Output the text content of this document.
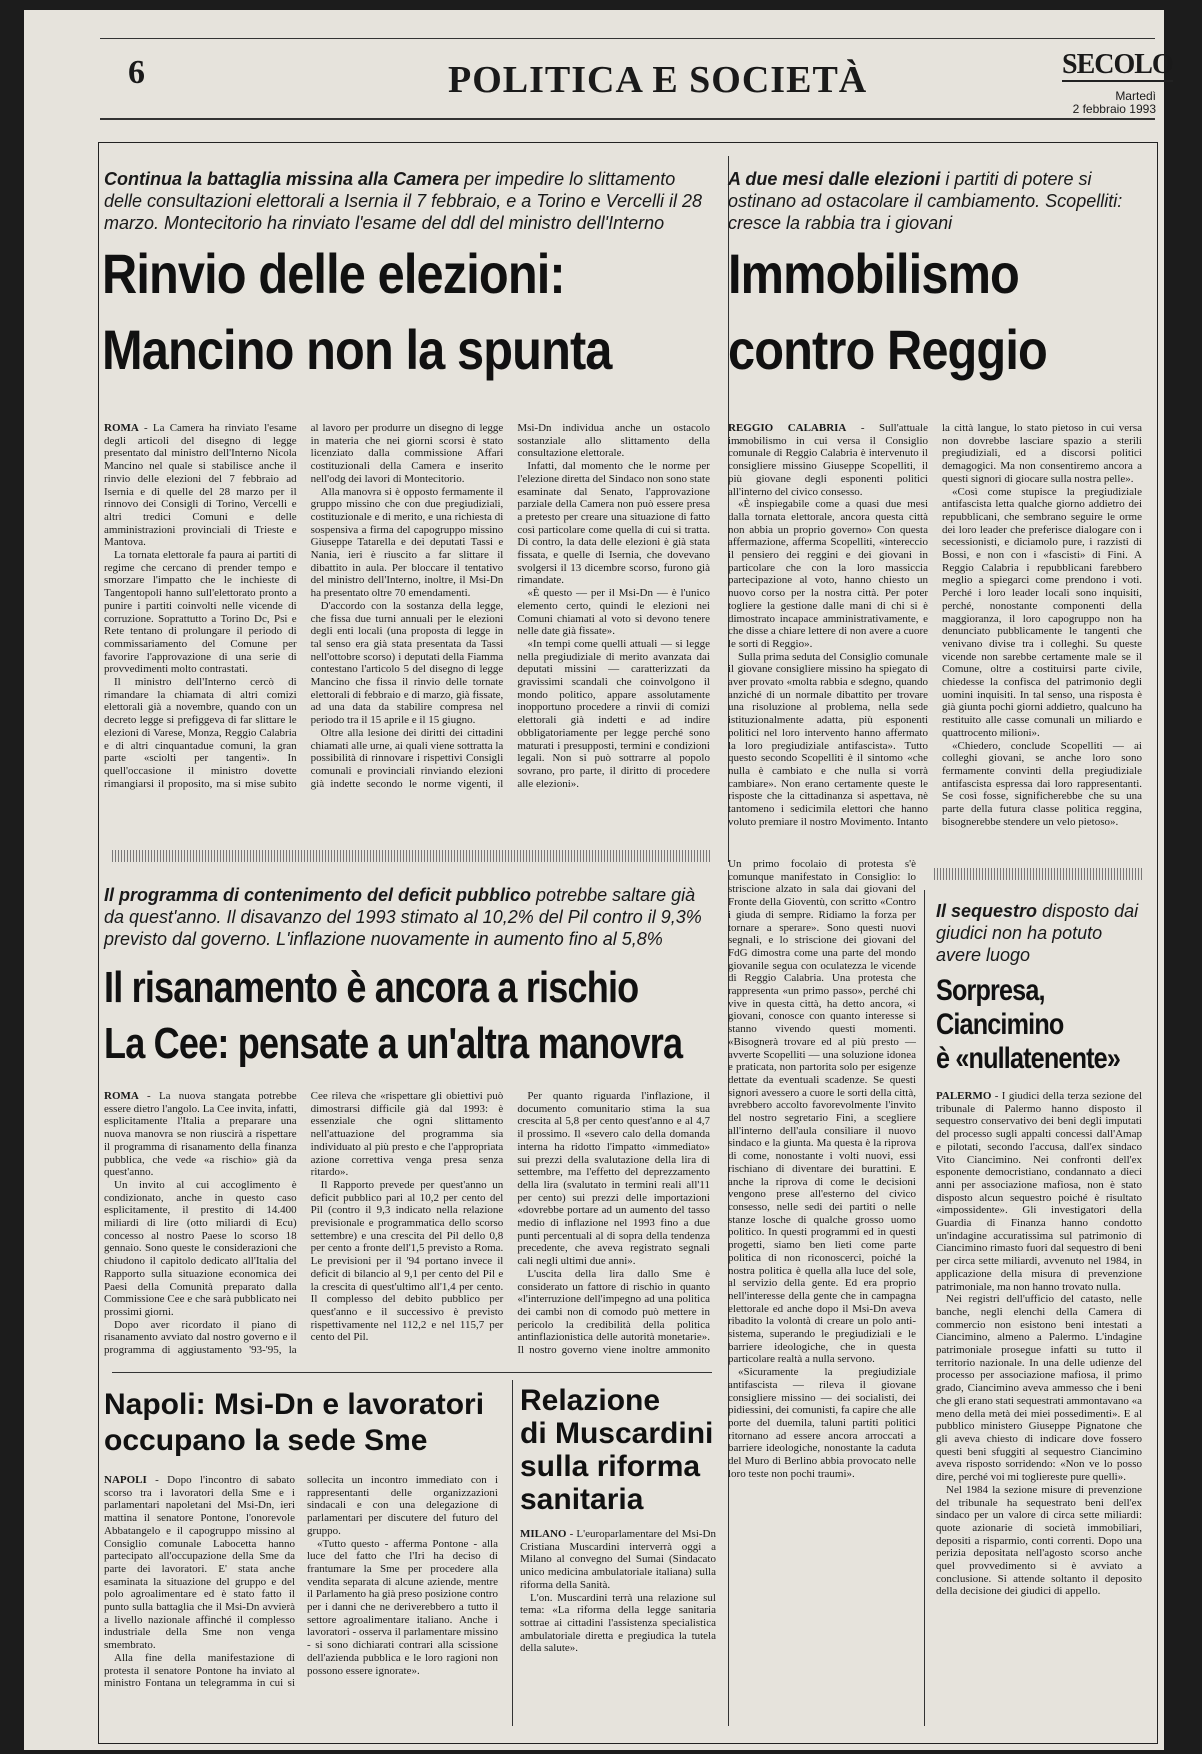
6	POLITICA E SOCIETÀ	SECOLO
Martedì
2 febbraio 1993
Continua la battaglia missina alla Camera per impedire lo slittamento delle consultazioni elettorali a Isernia il 7 febbraio, e a Torino e Vercelli il 28 marzo. Montecitorio ha rinviato l'esame del ddl del ministro dell'Interno
Rinvio delle elezioni:
Mancino non la spunta

ROMA - La Camera ha rinviato l'esame degli articoli del disegno di legge presentato dal ministro dell'Interno Nicola Mancino nel quale si stabilisce anche il rinvio delle elezioni del 7 febbraio ad Isernia e di quelle del 28 marzo per il rinnovo dei Consigli di Torino, Vercelli e altri tredici Comuni e delle amministrazioni provinciali di Trieste e Mantova.

La tornata elettorale fa paura ai partiti di regime che cercano di prender tempo e smorzare l'impatto che le inchieste di Tangentopoli hanno sull'elettorato pronto a punire i partiti coinvolti nelle vicende di corruzione. Soprattutto a Torino Dc, Psi e Rete tentano di prolungare il periodo di commissariamento del Comune per favorire l'approvazione di una serie di provvedimenti molto contrastati.

Il ministro dell'Interno cercò di rimandare la chiamata di altri comizi elettorali già a novembre, quando con un decreto legge si prefiggeva di far slittare le elezioni di Varese, Monza, Reggio Calabria e di altri cinquantadue comuni, la gran parte «sciolti per tangenti». In quell'occasione il ministro dovette rimangiarsi il proposito, ma si mise subito al lavoro per produrre un disegno di legge in materia che nei giorni scorsi è stato licenziato dalla commissione Affari costituzionali della Camera e inserito nell'odg dei lavori di Montecitorio.

Alla manovra si è opposto fermamente il gruppo missino che con due pregiudiziali, costituzionale e di merito, e una richiesta di sospensiva a firma del capogruppo missino Giuseppe Tatarella e dei deputati Tassi e Nania, ieri è riuscito a far slittare il dibattito in aula. Per bloccare il tentativo del ministro dell'Interno, inoltre, il Msi-Dn ha presentato oltre 70 emendamenti.

D'accordo con la sostanza della legge, che fissa due turni annuali per le elezioni degli enti locali (una proposta di legge in tal senso era già stata presentata da Tassi nell'ottobre scorso) i deputati della Fiamma contestano l'articolo 5 del disegno di legge Mancino che fissa il rinvio delle tornate elettorali di febbraio e di marzo, già fissate, ad una data da stabilire compresa nel periodo tra il 15 aprile e il 15 giugno.

Oltre alla lesione dei diritti dei cittadini chiamati alle urne, ai quali viene sottratta la possibilità di rinnovare i rispettivi Consigli comunali e provinciali rinviando elezioni già indette secondo le norme vigenti, il Msi-Dn individua anche un ostacolo sostanziale allo slittamento della consultazione elettorale.

Infatti, dal momento che le norme per l'elezione diretta del Sindaco non sono state esaminate dal Senato, l'approvazione parziale della Camera non può essere presa a pretesto per creare una situazione di fatto così particolare come quella di cui si tratta. Di contro, la data delle elezioni è già stata fissata, e quelle di Isernia, che dovevano svolgersi il 13 dicembre scorso, furono già rimandate.

«È questo — per il Msi-Dn — è l'unico elemento certo, quindi le elezioni nei Comuni chiamati al voto si devono tenere nelle date già fissate».

«In tempi come quelli attuali — si legge nella pregiudiziale di merito avanzata dai deputati missini — caratterizzati da gravissimi scandali che coinvolgono il mondo politico, appare assolutamente inopportuno procedere a rinvii di comizi elettorali già indetti e ad indire obbligatoriamente per legge perché sono maturati i presupposti, termini e condizioni legali. Non si può sottrarre al popolo sovrano, pro parte, il diritto di procedere alle elezioni».

A due mesi dalle elezioni i partiti di potere si ostinano ad ostacolare il cambiamento. Scopelliti: cresce la rabbia tra i giovani
Immobilismo
contro Reggio

REGGIO CALABRIA - Sull'attuale immobilismo in cui versa il Consiglio comunale di Reggio Calabria è intervenuto il consigliere missino Giuseppe Scopelliti, il più giovane degli esponenti politici all'interno del civico consesso.

«È inspiegabile come a quasi due mesi dalla tornata elettorale, ancora questa città non abbia un proprio governo» Con questa affermazione, afferma Scopelliti, «intereccio il pensiero dei reggini e dei giovani in particolare che con la loro massiccia partecipazione al voto, hanno chiesto un nuovo corso per la nostra città. Per poter togliere la gestione dalle mani di chi si è dimostrato incapace amministrativamente, e che disse a chiare lettere di non avere a cuore le sorti di Reggio».

Sulla prima seduta del Consiglio comunale il giovane consigliere missino ha spiegato di aver provato «molta rabbia e sdegno, quando anziché di un normale dibattito per trovare una risoluzione al problema, nella sede istituzionalmente adatta, più esponenti politici nel loro intervento hanno affermato la loro pregiudiziale antifascista». Tutto questo secondo Scopelliti è il sintomo «che nulla è cambiato e che nulla si vorrà cambiare». Non erano certamente queste le risposte che la cittadinanza si aspettava, nè tantomeno i sedicimila elettori che hanno voluto premiare il nostro Movimento. Intanto la città langue, lo stato pietoso in cui versa non dovrebbe lasciare spazio a sterili pregiudiziali, ed a discorsi politici demagogici. Ma non consentiremo ancora a questi signori di giocare sulla nostra pelle».

«Così come stupisce la pregiudiziale antifascista letta qualche giorno addietro dei repubblicani, che sembrano seguire le orme dei loro leader che preferisce dialogare con i secessionisti, e diciamolo pure, i razzisti di Bossi, e non con i «fascisti» di Fini. A Reggio Calabria i repubblicani farebbero meglio a spiegarci come prendono i voti. Perché i loro leader locali sono inquisiti, perché, nonostante componenti della maggioranza, il loro capogruppo non ha denunciato pubblicamente le tangenti che venivano divise tra i colleghi. Su queste vicende non sarebbe certamente male se il Comune, oltre a costituirsi parte civile, chiedesse la confisca del patrimonio degli uomini inquisiti. In tal senso, una risposta è già giunta pochi giorni addietro, qualcuno ha restituito alle casse comunali un miliardo e quattrocento milioni».

«Chiedero, conclude Scopelliti — ai colleghi giovani, se anche loro sono fermamente convinti della pregiudiziale antifascista espressa dai loro rappresentanti. Se così fosse, significherebbe che su una parte della futura classe politica reggina, bisognerebbe stendere un velo pietoso».

Un primo focolaio di protesta s'è comunque manifestato in Consiglio: lo striscione alzato in sala dai giovani del Fronte della Gioventù, con scritto «Contro i giuda di sempre. Ridiamo la forza per tornare a sperare». Sono questi nuovi segnali, e lo striscione dei giovani del FdG dimostra come una parte del mondo giovanile segua con oculatezza le vicende di Reggio Calabria. Una protesta che rappresenta «un primo passo», perché chi vive in questa città, ha detto ancora, «i giovani, conosce con quanto interesse si stanno vivendo questi momenti. «Bisognerà trovare ed al più presto — avverte Scopelliti — una soluzione idonea e praticata, non partorita solo per esigenze dettate da eventuali scadenze. Se questi signori avessero a cuore le sorti della città, avrebbero accolto favorevolmente l'invito del nostro segretario Fini, a scegliere all'interno dell'aula consiliare il nuovo sindaco e la giunta. Ma questa è la riprova di come, nonostante i volti nuovi, essi rischiano di diventare dei burattini. E anche la riprova di come le decisioni vengono prese all'esterno del civico consesso, nelle sedi dei partiti o nelle stanze losche di qualche grosso uomo politico. In questi programmi ed in questi progetti, siamo ben lieti come parte politica di non riconoscerci, poiché la nostra politica è quella alla luce del sole, al servizio della gente. Ed era proprio nell'interesse della gente che in campagna elettorale ed anche dopo il Msi-Dn aveva ribadito la volontà di creare un polo anti-sistema, superando le pregiudiziali e le barriere ideologiche, che in questa particolare realtà a nulla servono.

«Sicuramente la pregiudiziale antifascista — rileva il giovane consigliere missino — dei socialisti, dei pidiessini, dei comunisti, fa capire che alle porte del duemila, taluni partiti politici ritornano ad essere ancora arroccati a barriere ideologiche, nonostante la caduta del Muro di Berlino abbia provocato nelle loro teste non pochi traumi».

Il programma di contenimento del deficit pubblico potrebbe saltare già da quest'anno. Il disavanzo del 1993 stimato al 10,2% del Pil contro il 9,3% previsto dal governo. L'inflazione nuovamente in aumento fino al 5,8%
Il risanamento è ancora a rischio
La Cee: pensate a un'altra manovra

ROMA - La nuova stangata potrebbe essere dietro l'angolo. La Cee invita, infatti, esplicitamente l'Italia a preparare una nuova manovra se non riuscirà a rispettare il programma di risanamento della finanza pubblica, che vede «a rischio» già da quest'anno.

Un invito al cui accoglimento è condizionato, anche in questo caso esplicitamente, il prestito di 14.400 miliardi di lire (otto miliardi di Ecu) concesso al nostro Paese lo scorso 18 gennaio. Sono queste le considerazioni che chiudono il capitolo dedicato all'Italia del Rapporto sulla situazione economica dei Paesi della Comunità preparato dalla Commissione Cee e che sarà pubblicato nei prossimi giorni.

Dopo aver ricordato il piano di risanamento avviato dal nostro governo e il programma di aggiustamento '93-'95, la Cee rileva che «rispettare gli obiettivi può dimostrarsi difficile già dal 1993: è essenziale che ogni slittamento nell'attuazione del programma sia individuato al più presto e che l'appropriata azione correttiva venga presa senza ritardo».

Il Rapporto prevede per quest'anno un deficit pubblico pari al 10,2 per cento del Pil (contro il 9,3 indicato nella relazione previsionale e programmatica dello scorso settembre) e una crescita del Pil dello 0,8 per cento a fronte dell'1,5 previsto a Roma. Le previsioni per il '94 portano invece il deficit di bilancio al 9,1 per cento del Pil e la crescita di quest'ultimo all'1,4 per cento. Il complesso del debito pubblico per quest'anno e il successivo è previsto rispettivamente nel 112,2 e nel 115,7 per cento del Pil.

Per quanto riguarda l'inflazione, il documento comunitario stima la sua crescita al 5,8 per cento quest'anno e al 4,7 il prossimo. Il «severo calo della domanda interna ha ridotto l'impatto «immediato» sui prezzi della svalutazione della lira di settembre, ma l'effetto del deprezzamento della lira (svalutato in termini reali all'11 per cento) sui prezzi delle importazioni «dovrebbe portare ad un aumento del tasso medio di inflazione nel 1993 fino a due punti percentuali al di sopra della tendenza precedente, che aveva registrato segnali cali negli ultimi due anni».

L'uscita della lira dallo Sme è considerato un fattore di rischio in quanto «l'interruzione dell'impegno ad una politica dei cambi non di comodo può mettere in pericolo la credibilità della politica antinflazionistica delle autorità monetarie». Il nostro governo viene inoltre ammonito

Napoli: Msi-Dn e lavoratori
occupano la sede Sme

NAPOLI - Dopo l'incontro di sabato scorso tra i lavoratori della Sme e i parlamentari napoletani del Msi-Dn, ieri mattina il senatore Pontone, l'onorevole Abbatangelo e il capogruppo missino al Consiglio comunale Labocetta hanno partecipato all'occupazione della Sme da parte dei lavoratori. E' stata anche esaminata la situazione del gruppo e del polo agroalimentare ed è stato fatto il punto sulla battaglia che il Msi-Dn avvierà a livello nazionale affinché il complesso industriale della Sme non venga smembrato.

Alla fine della manifestazione di protesta il senatore Pontone ha inviato al ministro Fontana un telegramma in cui si sollecita un incontro immediato con i rappresentanti delle organizzazioni sindacali e con una delegazione di parlamentari per discutere del futuro del gruppo.

«Tutto questo - afferma Pontone - alla luce del fatto che l'Iri ha deciso di frantumare la Sme per procedere alla vendita separata di alcune aziende, mentre il Parlamento ha già preso posizione contro per i danni che ne deriverebbero a tutto il settore agroalimentare italiano. Anche i lavoratori - osserva il parlamentare missino - si sono dichiarati contrari alla scissione dell'azienda pubblica e le loro ragioni non possono essere ignorate».

Relazione
di Muscardini
sulla riforma
sanitaria

MILANO - L'europarlamentare del Msi-Dn Cristiana Muscardini interverrà oggi a Milano al convegno del Sumai (Sindacato unico medicina ambulatoriale italiana) sulla riforma della Sanità.

L'on. Muscardini terrà una relazione sul tema: «La riforma della legge sanitaria sottrae ai cittadini l'assistenza specialistica ambulatoriale diretta e pregiudica la tutela della salute».

Il sequestro disposto dai giudici non ha potuto avere luogo
Sorpresa,
Ciancimino
è «nullatenente»

PALERMO - I giudici della terza sezione del tribunale di Palermo hanno disposto il sequestro conservativo dei beni degli imputati del processo sugli appalti concessi dall'Amap e pilotati, secondo l'accusa, dall'ex sindaco Vito Ciancimino. Nei confronti dell'ex esponente democristiano, condannato a dieci anni per associazione mafiosa, non è stato disposto alcun sequestro poiché è risultato «impossidente». Gli investigatori della Guardia di Finanza hanno condotto un'indagine accuratissima sul patrimonio di Ciancimino rimasto fuori dal sequestro di beni per circa sette miliardi, avvenuto nel 1984, in applicazione della misura di prevenzione patrimoniale, ma non hanno trovato nulla.

Nei registri dell'ufficio del catasto, nelle banche, negli elenchi della Camera di commercio non esistono beni intestati a Ciancimino, almeno a Palermo. L'indagine patrimoniale prosegue infatti su tutto il territorio nazionale. In una delle udienze del processo per associazione mafiosa, il primo grado, Ciancimino aveva ammesso che i beni che gli erano stati sequestrati ammontavano «a meno della metà dei miei possedimenti». E al pubblico ministero Giuseppe Pignatone che gli aveva chiesto di indicare dove fossero questi beni sfuggiti al sequestro Ciancimino aveva risposto sorridendo: «Non ve lo posso dire, perché voi mi togliereste pure quelli».

Nel 1984 la sezione misure di prevenzione del tribunale ha sequestrato beni dell'ex sindaco per un valore di circa sette miliardi: quote azionarie di società immobiliari, depositi a risparmio, conti correnti. Dopo una perizia depositata nell'agosto scorso anche quel provvedimento si è avviato a conclusione. Si attende soltanto il deposito della decisione dei giudici di appello.
